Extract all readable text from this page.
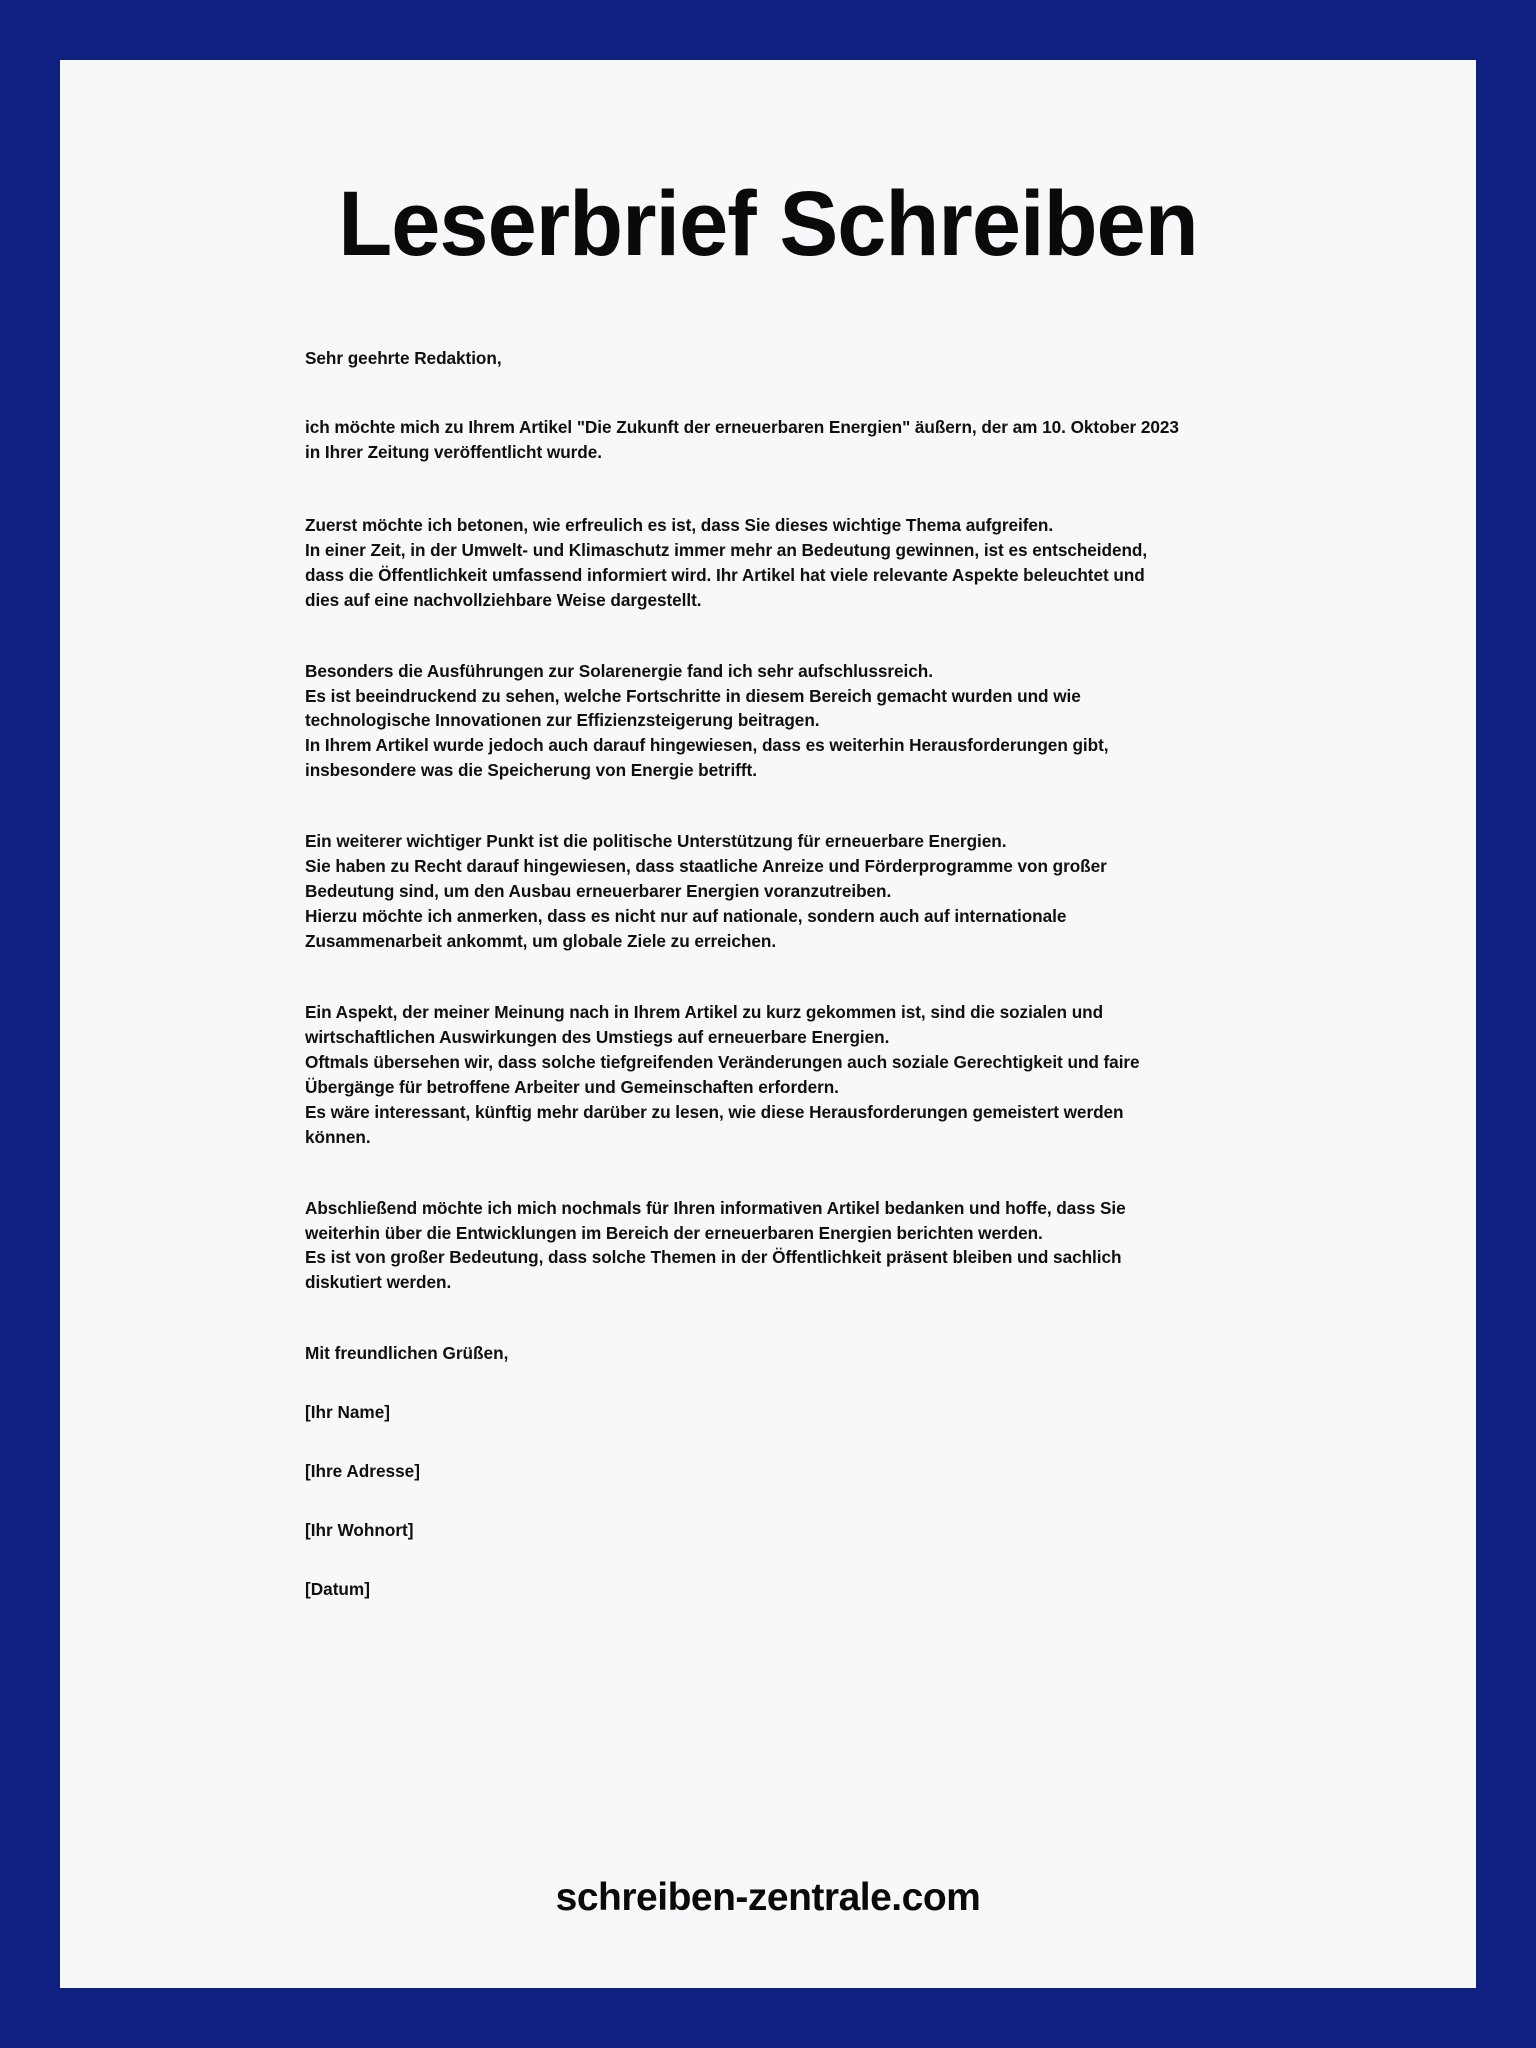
Leserbrief Schreiben

Sehr geehrte Redaktion,

ich möchte mich zu Ihrem Artikel "Die Zukunft der erneuerbaren Energien" äußern, der am 10. Oktober 2023
in Ihrer Zeitung veröffentlicht wurde.

Zuerst möchte ich betonen, wie erfreulich es ist, dass Sie dieses wichtige Thema aufgreifen.
In einer Zeit, in der Umwelt- und Klimaschutz immer mehr an Bedeutung gewinnen, ist es entscheidend,
dass die Öffentlichkeit umfassend informiert wird. Ihr Artikel hat viele relevante Aspekte beleuchtet und
dies auf eine nachvollziehbare Weise dargestellt.

Besonders die Ausführungen zur Solarenergie fand ich sehr aufschlussreich.
Es ist beeindruckend zu sehen, welche Fortschritte in diesem Bereich gemacht wurden und wie
technologische Innovationen zur Effizienzsteigerung beitragen.
In Ihrem Artikel wurde jedoch auch darauf hingewiesen, dass es weiterhin Herausforderungen gibt,
insbesondere was die Speicherung von Energie betrifft.

Ein weiterer wichtiger Punkt ist die politische Unterstützung für erneuerbare Energien.
Sie haben zu Recht darauf hingewiesen, dass staatliche Anreize und Förderprogramme von großer
Bedeutung sind, um den Ausbau erneuerbarer Energien voranzutreiben.
Hierzu möchte ich anmerken, dass es nicht nur auf nationale, sondern auch auf internationale
Zusammenarbeit ankommt, um globale Ziele zu erreichen.

Ein Aspekt, der meiner Meinung nach in Ihrem Artikel zu kurz gekommen ist, sind die sozialen und
wirtschaftlichen Auswirkungen des Umstiegs auf erneuerbare Energien.
Oftmals übersehen wir, dass solche tiefgreifenden Veränderungen auch soziale Gerechtigkeit und faire
Übergänge für betroffene Arbeiter und Gemeinschaften erfordern.
Es wäre interessant, künftig mehr darüber zu lesen, wie diese Herausforderungen gemeistert werden
können.

Abschließend möchte ich mich nochmals für Ihren informativen Artikel bedanken und hoffe, dass Sie
weiterhin über die Entwicklungen im Bereich der erneuerbaren Energien berichten werden.
Es ist von großer Bedeutung, dass solche Themen in der Öffentlichkeit präsent bleiben und sachlich
diskutiert werden.

Mit freundlichen Grüßen,

[Ihr Name]

[Ihre Adresse]

[Ihr Wohnort]

[Datum]

schreiben-zentrale.com
